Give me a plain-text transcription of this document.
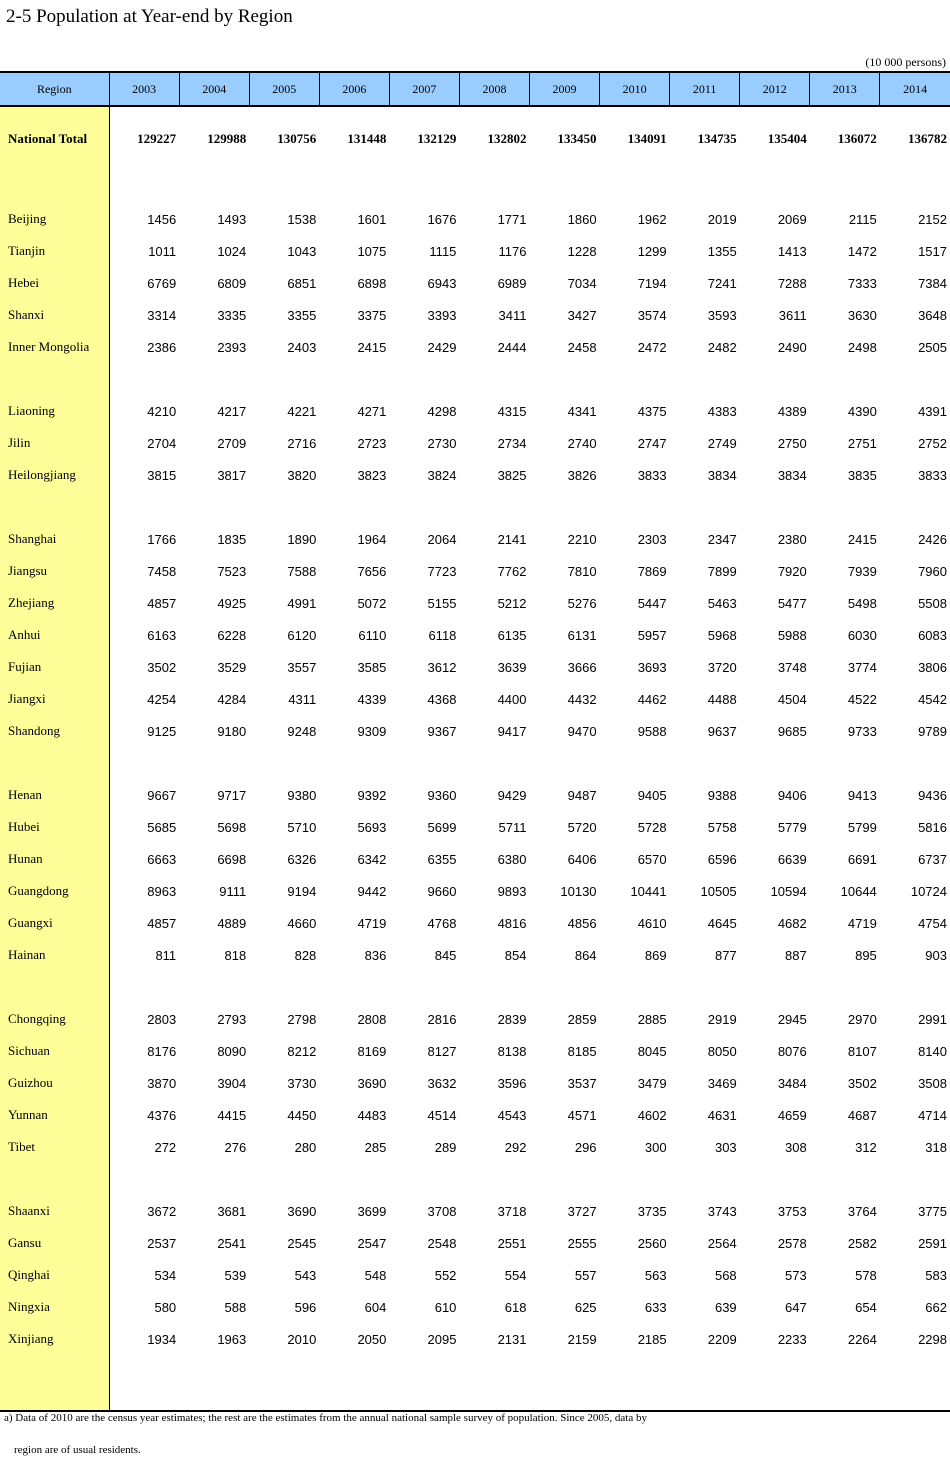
2-5 Population at Year-end by Region
(10 000 persons)
Region	2003	2004	2005	2006	2007	2008	2009	2010	2011	2012	2013	2014
National Total	129227	129988	130756	131448	132129	132802	133450	134091	134735	135404	136072	136782

Beijing	1456	1493	1538	1601	1676	1771	1860	1962	2019	2069	2115	2152
Tianjin	1011	1024	1043	1075	1115	1176	1228	1299	1355	1413	1472	1517
Hebei	6769	6809	6851	6898	6943	6989	7034	7194	7241	7288	7333	7384
Shanxi	3314	3335	3355	3375	3393	3411	3427	3574	3593	3611	3630	3648
Inner Mongolia	2386	2393	2403	2415	2429	2444	2458	2472	2482	2490	2498	2505

Liaoning	4210	4217	4221	4271	4298	4315	4341	4375	4383	4389	4390	4391
Jilin	2704	2709	2716	2723	2730	2734	2740	2747	2749	2750	2751	2752
Heilongjiang	3815	3817	3820	3823	3824	3825	3826	3833	3834	3834	3835	3833

Shanghai	1766	1835	1890	1964	2064	2141	2210	2303	2347	2380	2415	2426
Jiangsu	7458	7523	7588	7656	7723	7762	7810	7869	7899	7920	7939	7960
Zhejiang	4857	4925	4991	5072	5155	5212	5276	5447	5463	5477	5498	5508
Anhui	6163	6228	6120	6110	6118	6135	6131	5957	5968	5988	6030	6083
Fujian	3502	3529	3557	3585	3612	3639	3666	3693	3720	3748	3774	3806
Jiangxi	4254	4284	4311	4339	4368	4400	4432	4462	4488	4504	4522	4542
Shandong	9125	9180	9248	9309	9367	9417	9470	9588	9637	9685	9733	9789

Henan	9667	9717	9380	9392	9360	9429	9487	9405	9388	9406	9413	9436
Hubei	5685	5698	5710	5693	5699	5711	5720	5728	5758	5779	5799	5816
Hunan	6663	6698	6326	6342	6355	6380	6406	6570	6596	6639	6691	6737
Guangdong	8963	9111	9194	9442	9660	9893	10130	10441	10505	10594	10644	10724
Guangxi	4857	4889	4660	4719	4768	4816	4856	4610	4645	4682	4719	4754
Hainan	811	818	828	836	845	854	864	869	877	887	895	903

Chongqing	2803	2793	2798	2808	2816	2839	2859	2885	2919	2945	2970	2991
Sichuan	8176	8090	8212	8169	8127	8138	8185	8045	8050	8076	8107	8140
Guizhou	3870	3904	3730	3690	3632	3596	3537	3479	3469	3484	3502	3508
Yunnan	4376	4415	4450	4483	4514	4543	4571	4602	4631	4659	4687	4714
Tibet	272	276	280	285	289	292	296	300	303	308	312	318

Shaanxi	3672	3681	3690	3699	3708	3718	3727	3735	3743	3753	3764	3775
Gansu	2537	2541	2545	2547	2548	2551	2555	2560	2564	2578	2582	2591
Qinghai	534	539	543	548	552	554	557	563	568	573	578	583
Ningxia	580	588	596	604	610	618	625	633	639	647	654	662
Xinjiang	1934	1963	2010	2050	2095	2131	2159	2185	2209	2233	2264	2298

a) Data of 2010 are the census year estimates; the rest are the estimates from the annual national sample survey of population. Since 2005, data by
region are of usual residents.
